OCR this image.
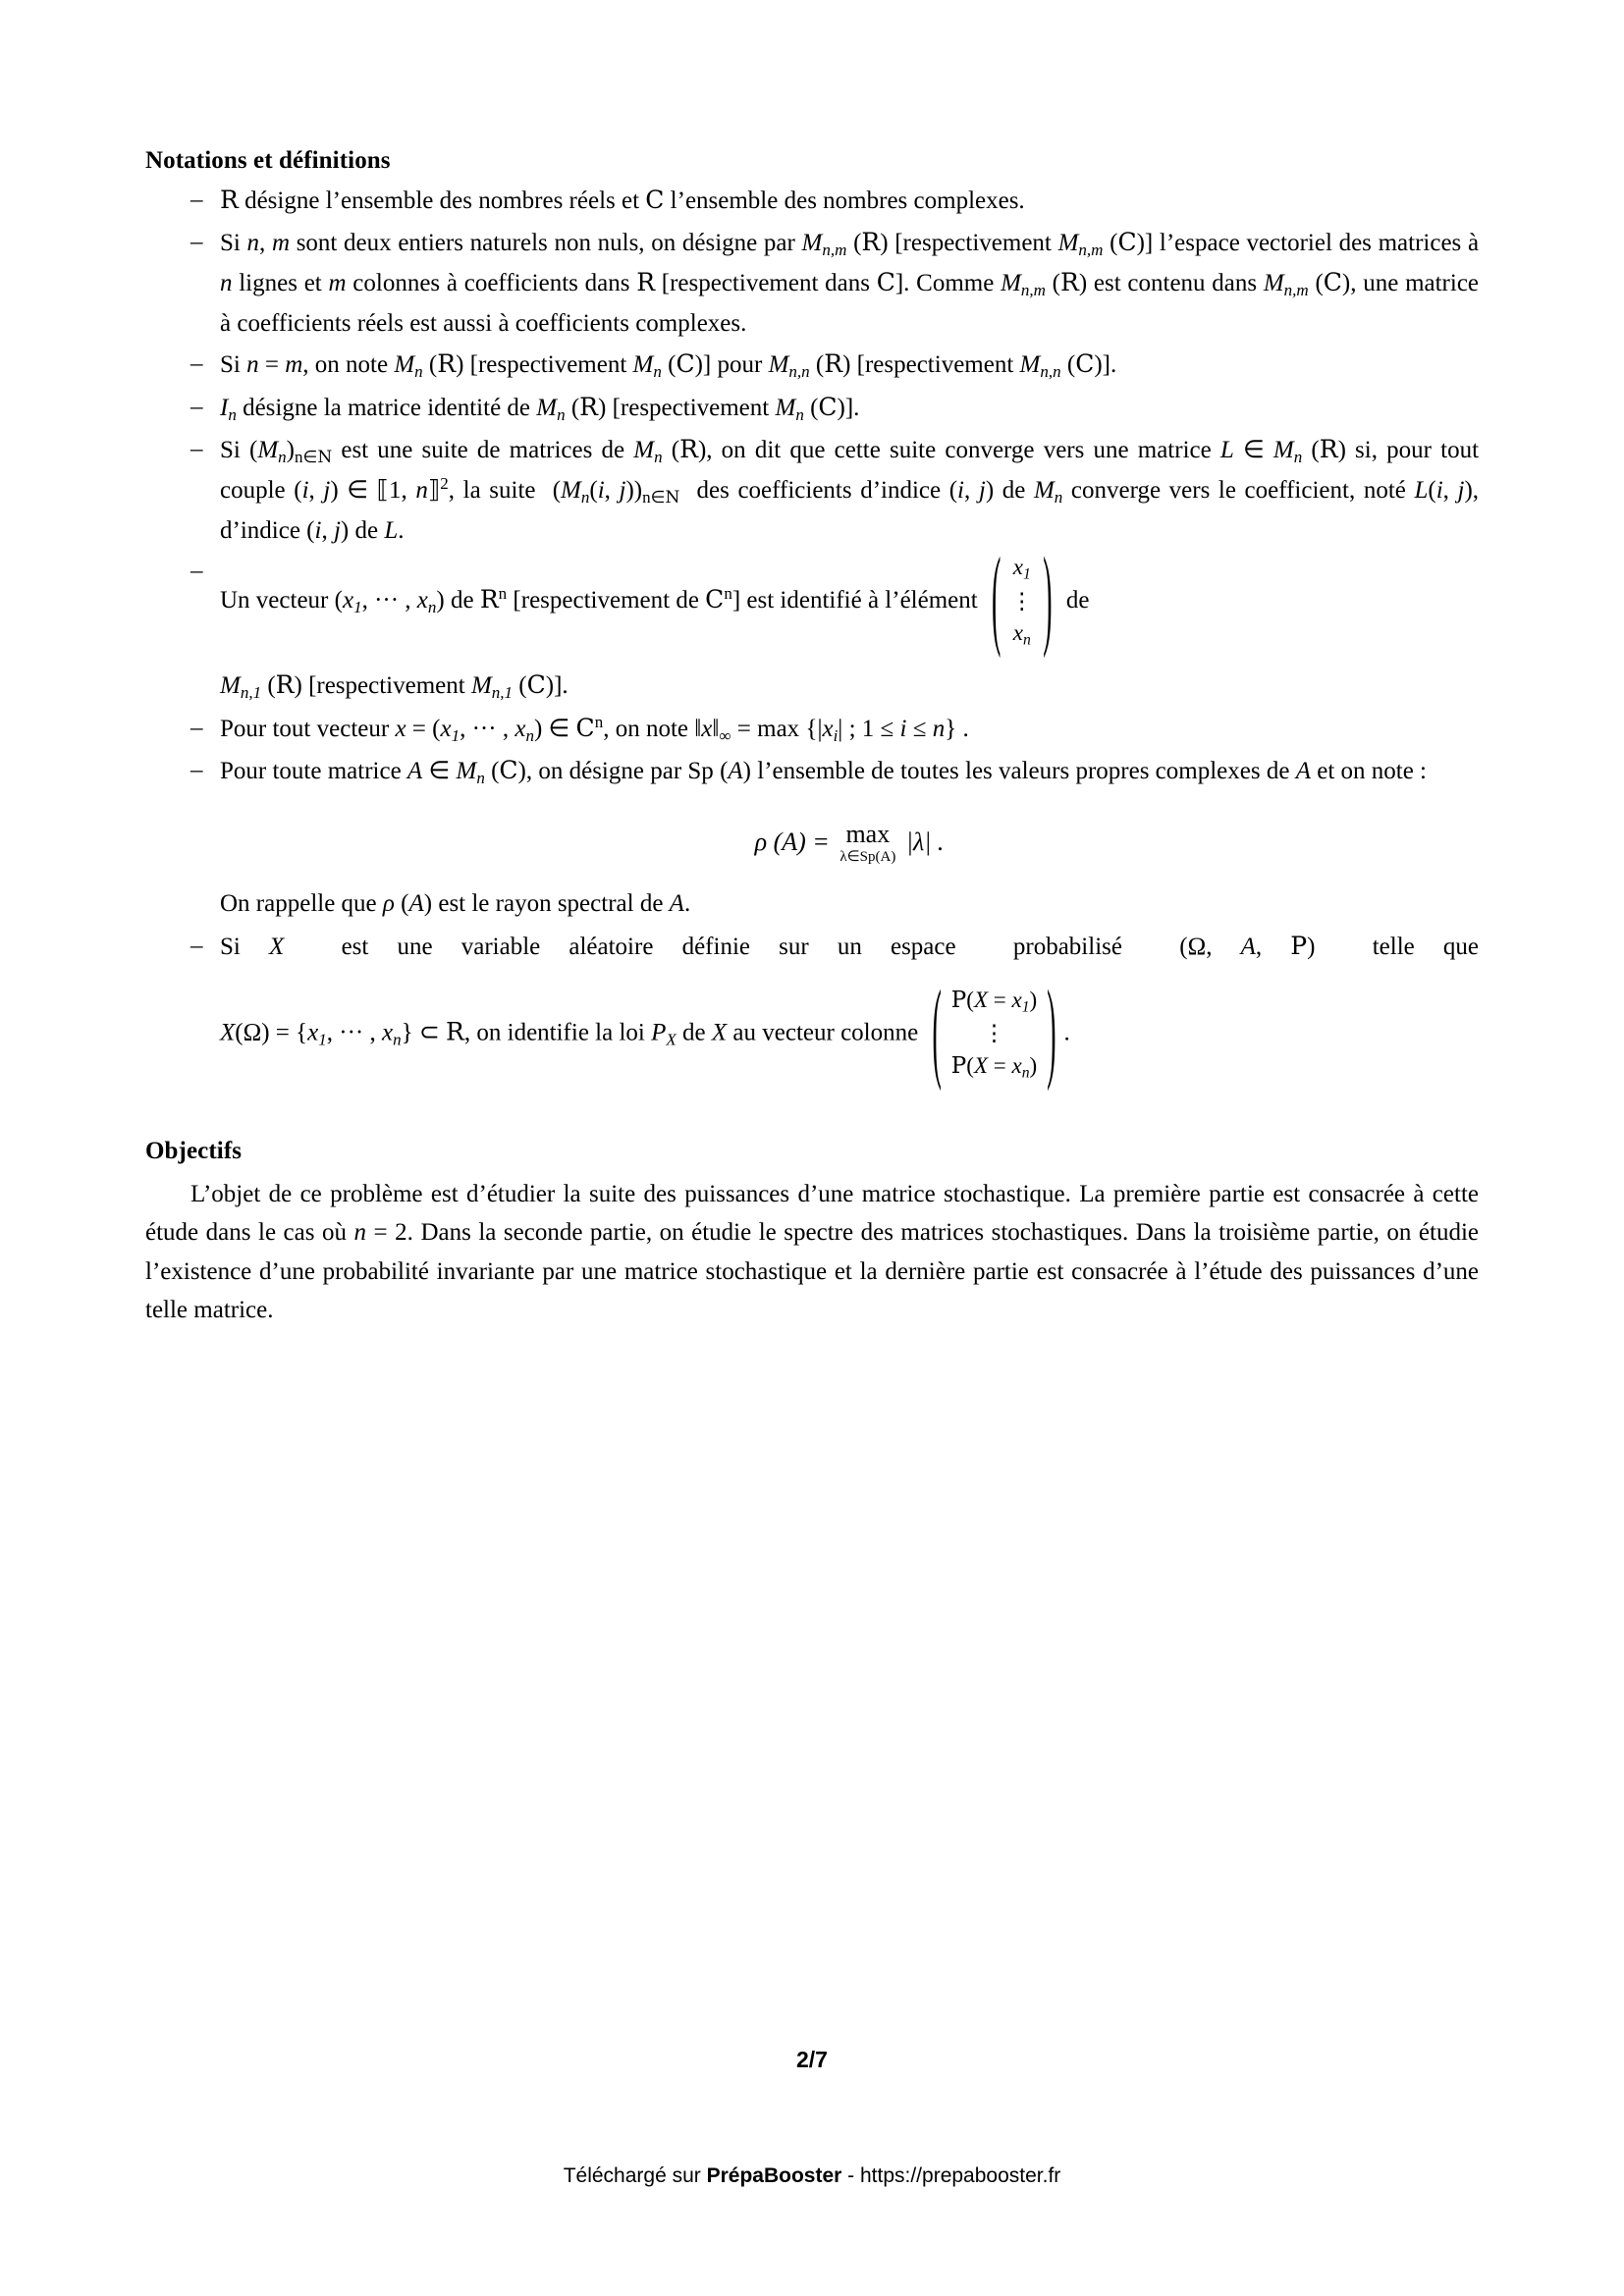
Notations et définitions
– R désigne l’ensemble des nombres réels et C l’ensemble des nombres complexes.
– Si n, m sont deux entiers naturels non nuls, on désigne par $M_{n,m}$ (R) [respectivement $M_{n,m}$ (C)] l’espace vectoriel des matrices à n lignes et m colonnes à coefficients dans R [respectivement dans C]. Comme $M_{n,m}$ (R) est contenu dans $M_{n,m}$ (C), une matrice à coefficients réels est aussi à coefficients complexes.
– Si n = m, on note $M_n$ (R) [respectivement $M_n$ (C)] pour $M_{n,n}$ (R) [respectivement $M_{n,n}$ (C)].
– $I_n$ désigne la matrice identité de $M_n$ (R) [respectivement $M_n$ (C)].
– Si $(M_n)n\in N$ est une suite de matrices de $M_n$ (R), on dit que cette suite converge vers une matrice L ∈ $M_n$ (R) si, pour tout couple (i, j) ∈ ⟦1, n⟧$^2$, la suite  ($M_n(i$, j))n∈N  des coefficients d’indice (i, j) de $M_n$ converge vers le coefficient, noté L(i, j), d’indice (i, j) de L.
–
Un vecteur ($x_1$, ··· , $x_n$) de $R^n$ [respectivement de $C^n$] est identifié à l’élément ( $x_1$
⋮
$x_n$ ) de
$M_{n,1}$ (R) [respectivement $M_{n,1}$ (C)].
– Pour tout vecteur $x = (x_1$, ··· , $x_n$) ∈ $C^n$, on note ‖x‖∞ = $\max \{|x_i|$ ; 1 ≤ i ≤ n} .
– Pour toute matrice A ∈ $M_n$ (C), on désigne par Sp (A) l’ensemble de toutes les valeurs propres complexes de A et on note :
ρ (A) = max
λ∈Sp(A)
|λ| .
On rappelle que ρ (A) est le rayon spectral de A.
– Si X  est une variable aléatoire définie sur un espace  probabilisé  (Ω, A, P)  telle que
$X(\Omega) = \{x_1$, ··· , $x_n$} ⊂ R, on identifie la loi $P_X$ de X au vecteur colonne ( $P(X = x_1)$
⋮
$P(X = x_n)$ ) .
Objectifs

L’objet de ce problème est d’étudier la suite des puissances d’une matrice stochastique. La première partie est consacrée à cette étude dans le cas où n = 2. Dans la seconde partie, on étudie le spectre des matrices stochastiques. Dans la troisième partie, on étudie l’existence d’une probabilité invariante par une matrice stochastique et la dernière partie est consacrée à l’étude des puissances d’une telle matrice.

2/7
Téléchargé sur PrépaBooster - https://prepabooster.fr
